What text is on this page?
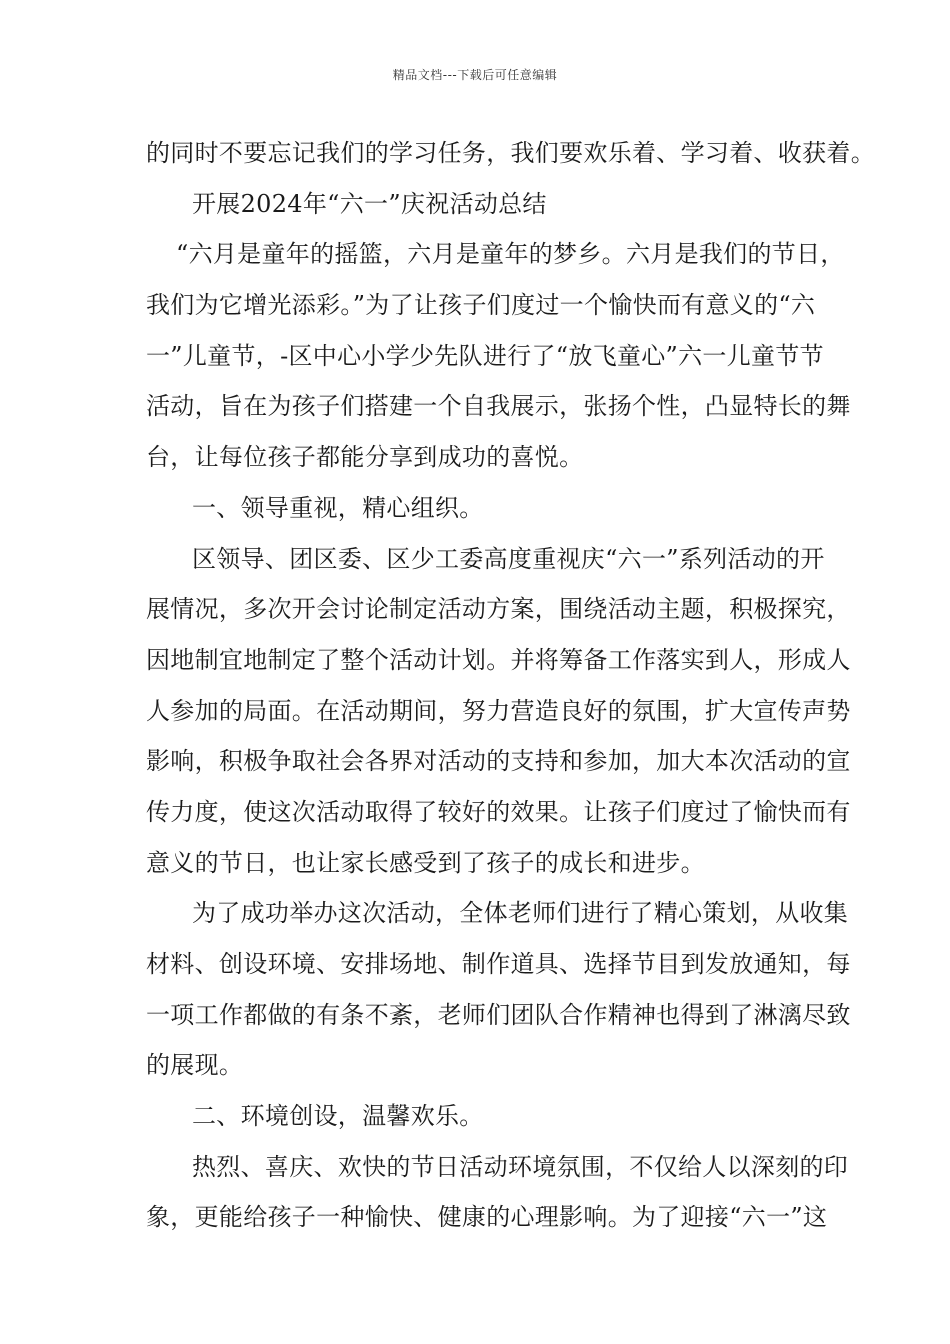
精品文档---下载后可任意编辑
的同时不要忘记我们的学习任务，我们要欢乐着、学习着、收获着。
开展2024年“六一”庆祝活动总结
“六月是童年的摇篮，六月是童年的梦乡。六月是我们的节日，
我们为它增光添彩。”为了让孩子们度过一个愉快而有意义的“六
一”儿童节，-区中心小学少先队进行了“放飞童心”六一儿童节节
活动，旨在为孩子们搭建一个自我展示，张扬个性，凸显特长的舞
台，让每位孩子都能分享到成功的喜悦。
一、领导重视，精心组织。
区领导、团区委、区少工委高度重视庆“六一”系列活动的开
展情况，多次开会讨论制定活动方案，围绕活动主题，积极探究，
因地制宜地制定了整个活动计划。并将筹备工作落实到人，形成人
人参加的局面。在活动期间，努力营造良好的氛围，扩大宣传声势
影响，积极争取社会各界对活动的支持和参加，加大本次活动的宣
传力度，使这次活动取得了较好的效果。让孩子们度过了愉快而有
意义的节日，也让家长感受到了孩子的成长和进步。
为了成功举办这次活动，全体老师们进行了精心策划，从收集
材料、创设环境、安排场地、制作道具、选择节目到发放通知，每
一项工作都做的有条不紊，老师们团队合作精神也得到了淋漓尽致
的展现。
二、环境创设，温馨欢乐。
热烈、喜庆、欢快的节日活动环境氛围，不仅给人以深刻的印
象，更能给孩子一种愉快、健康的心理影响。为了迎接“六一”这
